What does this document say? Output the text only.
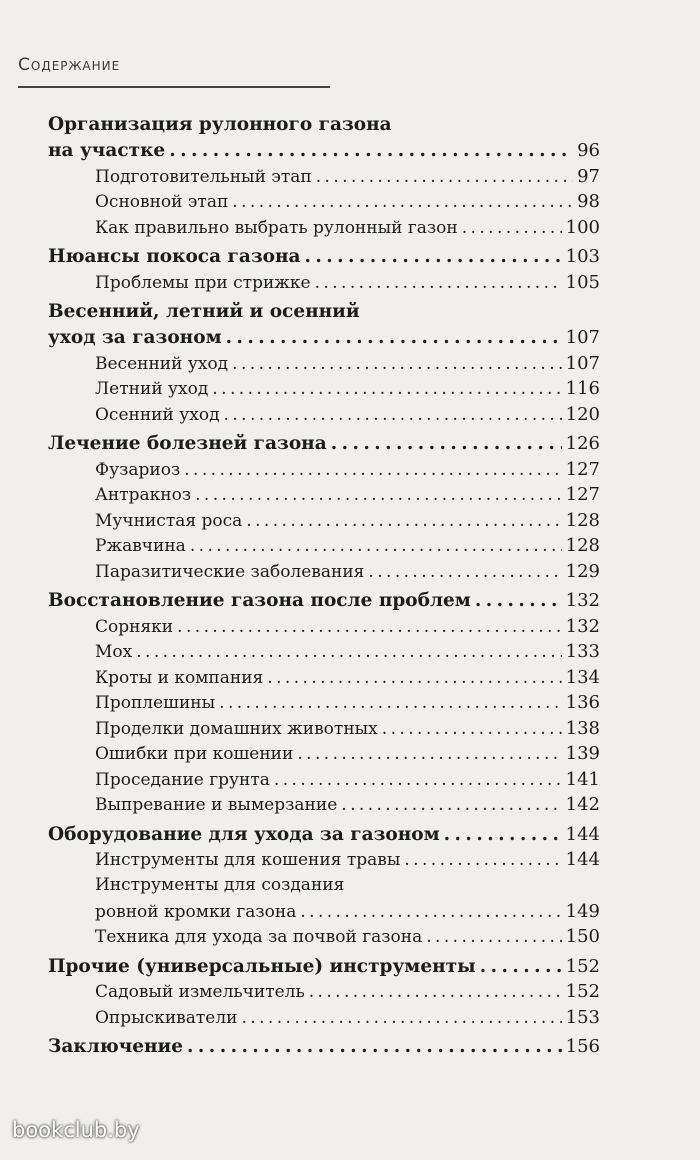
Содержание
Организация рулонного газона
на участке . . .	96
Подготовительный этап . . .	97
Основной этап . . .	98
Как правильно выбрать рулонный газон . . .	100
Нюансы покоса газона . . .	103
Проблемы при стрижке . . .	105
Весенний, летний и осенний
уход за газоном . . .	107
Весенний уход . . .	107
Летний уход . . .	116
Осенний уход . . .	120
Лечение болезней газона . . .	126
Фузариоз . . .	127
Антракноз . . .	127
Мучнистая роса . . .	128
Ржавчина . . .	128
Паразитические заболевания . . .	129
Восстановление газона после проблем . . .	132
Сорняки . . .	132
Мох . . .	133
Кроты и компания . . .	134
Проплешины . . .	136
Проделки домашних животных . . .	138
Ошибки при кошении . . .	139
Проседание грунта . . .	141
Выпревание и вымерзание . . .	142
Оборудование для ухода за газоном . . .	144
Инструменты для кошения травы . . .	144
Инструменты для создания
ровной кромки газона . . .	149
Техника для ухода за почвой газона . . .	150
Прочие (универсальные) инструменты . . .	152
Садовый измельчитель . . .	152
Опрыскиватели . . .	153
Заключение . . .	156
bookclub.by
